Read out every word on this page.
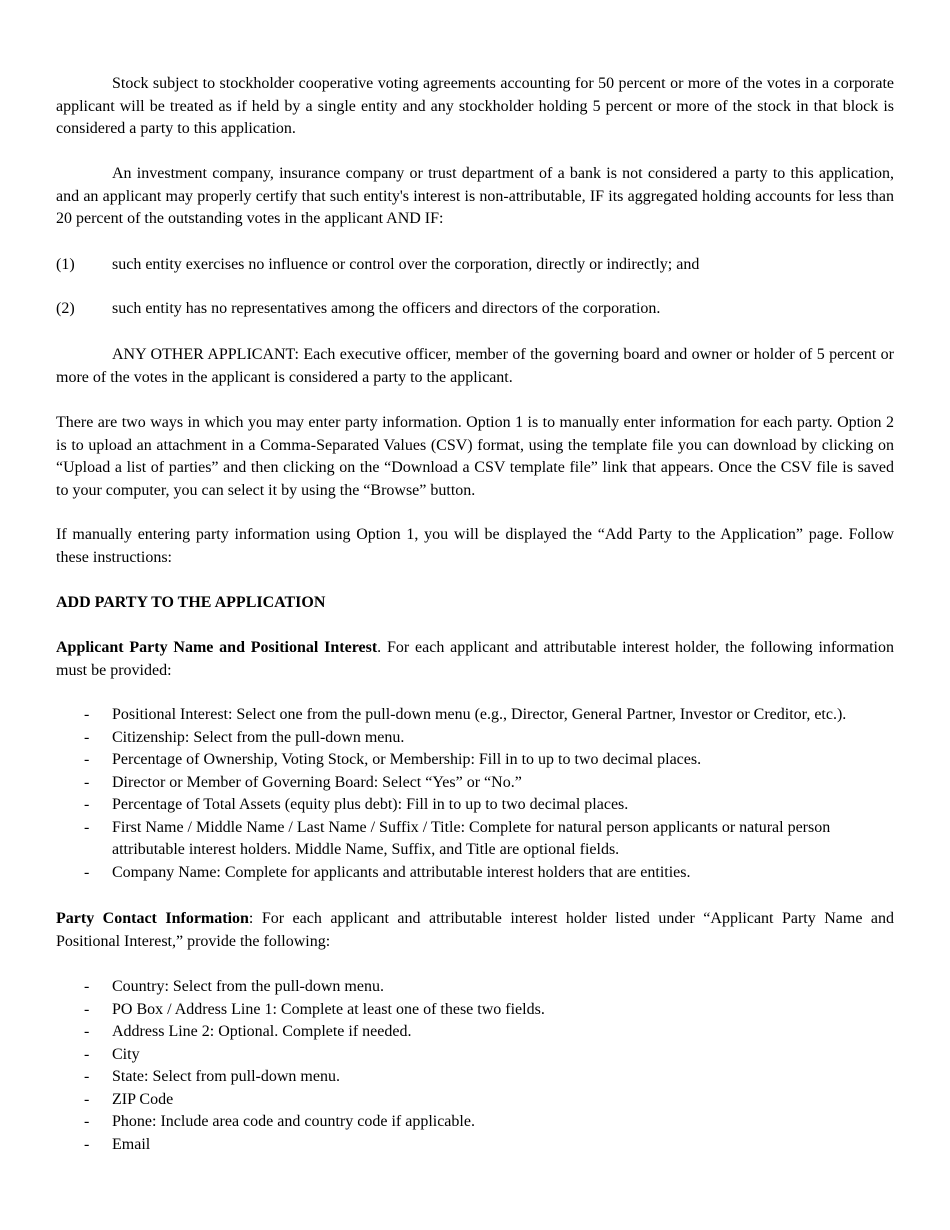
Stock subject to stockholder cooperative voting agreements accounting for 50 percent or more of the votes in a corporate applicant will be treated as if held by a single entity and any stockholder holding 5 percent or more of the stock in that block is considered a party to this application.

An investment company, insurance company or trust department of a bank is not considered a party to this application, and an applicant may properly certify that such entity's interest is non-attributable, IF its aggregated holding accounts for less than 20 percent of the outstanding votes in the applicant AND IF:

(1) such entity exercises no influence or control over the corporation, directly or indirectly; and
(2) such entity has no representatives among the officers and directors of the corporation.

ANY OTHER APPLICANT: Each executive officer, member of the governing board and owner or holder of 5 percent or more of the votes in the applicant is considered a party to the applicant.

There are two ways in which you may enter party information. Option 1 is to manually enter information for each party. Option 2 is to upload an attachment in a Comma-Separated Values (CSV) format, using the template file you can download by clicking on “Upload a list of parties” and then clicking on the “Download a CSV template file” link that appears. Once the CSV file is saved to your computer, you can select it by using the “Browse” button.

If manually entering party information using Option 1, you will be displayed the “Add Party to the Application” page. Follow these instructions:

ADD PARTY TO THE APPLICATION

Applicant Party Name and Positional Interest. For each applicant and attributable interest holder, the following information must be provided:

- Positional Interest: Select one from the pull-down menu (e.g., Director, General Partner, Investor or Creditor, etc.).
- Citizenship: Select from the pull-down menu.
- Percentage of Ownership, Voting Stock, or Membership: Fill in to up to two decimal places.
- Director or Member of Governing Board: Select “Yes” or “No.”
- Percentage of Total Assets (equity plus debt): Fill in to up to two decimal places.
- First Name / Middle Name / Last Name / Suffix / Title: Complete for natural person applicants or natural person attributable interest holders. Middle Name, Suffix, and Title are optional fields.
- Company Name: Complete for applicants and attributable interest holders that are entities.

Party Contact Information: For each applicant and attributable interest holder listed under “Applicant Party Name and Positional Interest,” provide the following:

- Country: Select from the pull-down menu.
- PO Box / Address Line 1: Complete at least one of these two fields.
- Address Line 2: Optional. Complete if needed.
- City
- State: Select from pull-down menu.
- ZIP Code
- Phone: Include area code and country code if applicable.
- Email
